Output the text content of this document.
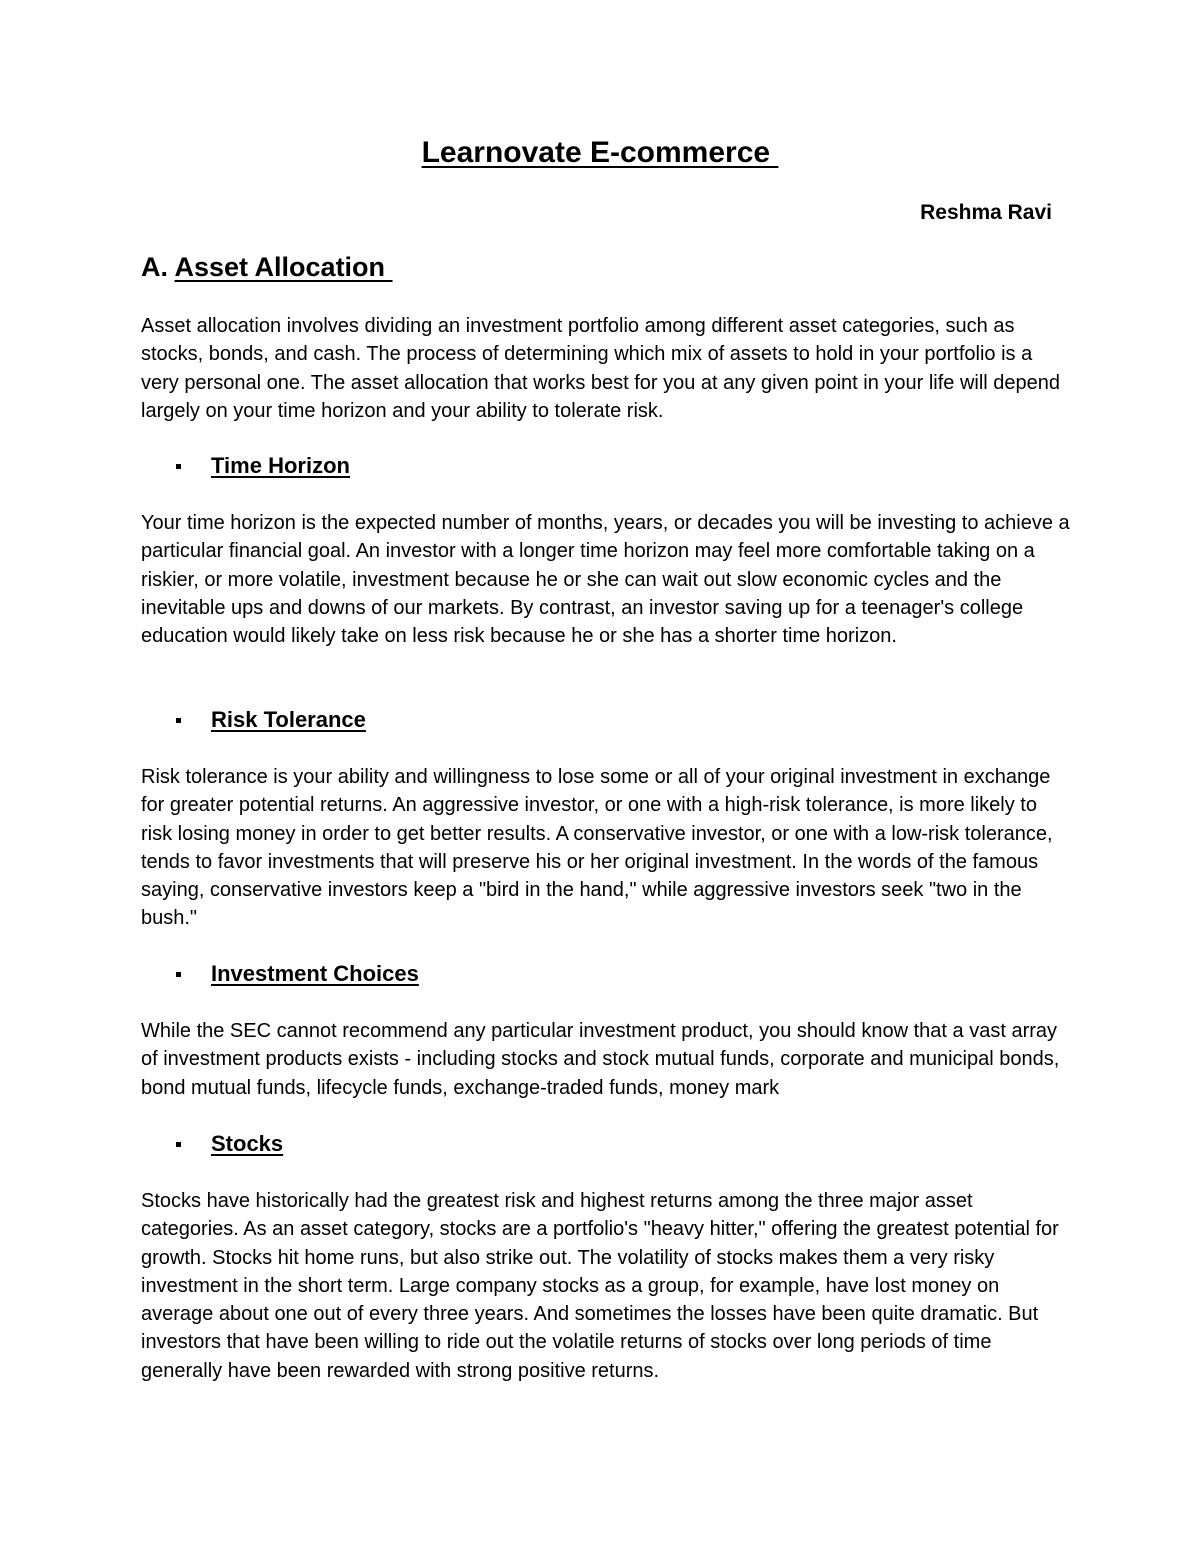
Learnovate E-commerce

Reshma Ravi

A. Asset Allocation

Asset allocation involves dividing an investment portfolio among different asset categories, such as stocks, bonds, and cash. The process of determining which mix of assets to hold in your portfolio is a very personal one. The asset allocation that works best for you at any given point in your life will depend largely on your time horizon and your ability to tolerate risk.

Time Horizon

Your time horizon is the expected number of months, years, or decades you will be investing to achieve a particular financial goal. An investor with a longer time horizon may feel more comfortable taking on a riskier, or more volatile, investment because he or she can wait out slow economic cycles and the inevitable ups and downs of our markets. By contrast, an investor saving up for a teenager's college education would likely take on less risk because he or she has a shorter time horizon.

Risk Tolerance

Risk tolerance is your ability and willingness to lose some or all of your original investment in exchange for greater potential returns. An aggressive investor, or one with a high-risk tolerance, is more likely to risk losing money in order to get better results. A conservative investor, or one with a low-risk tolerance, tends to favor investments that will preserve his or her original investment. In the words of the famous saying, conservative investors keep a "bird in the hand," while aggressive investors seek "two in the bush."

Investment Choices

While the SEC cannot recommend any particular investment product, you should know that a vast array of investment products exists - including stocks and stock mutual funds, corporate and municipal bonds, bond mutual funds, lifecycle funds, exchange-traded funds, money mark

Stocks

Stocks have historically had the greatest risk and highest returns among the three major asset categories. As an asset category, stocks are a portfolio's "heavy hitter," offering the greatest potential for growth. Stocks hit home runs, but also strike out. The volatility of stocks makes them a very risky investment in the short term. Large company stocks as a group, for example, have lost money on average about one out of every three years. And sometimes the losses have been quite dramatic. But investors that have been willing to ride out the volatile returns of stocks over long periods of time generally have been rewarded with strong positive returns.
